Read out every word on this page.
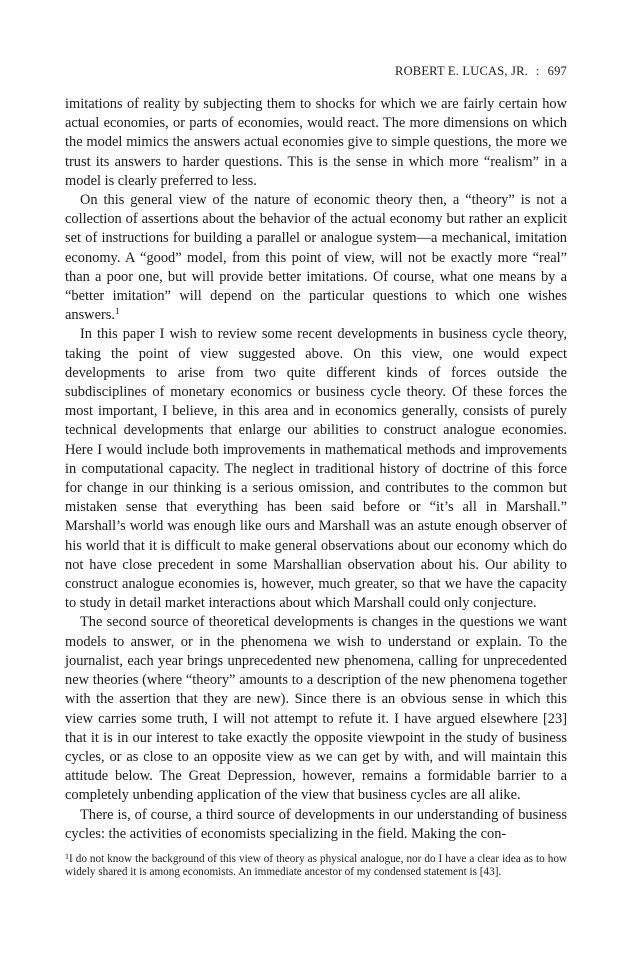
ROBERT E. LUCAS, JR. : 697

imitations of reality by subjecting them to shocks for which we are fairly certain how actual economies, or parts of economies, would react. The more dimensions on which the model mimics the answers actual economies give to simple questions, the more we trust its answers to harder questions. This is the sense in which more “realism” in a model is clearly preferred to less.

On this general view of the nature of economic theory then, a “theory” is not a collection of assertions about the behavior of the actual economy but rather an explicit set of instructions for building a parallel or analogue system—a mechanical, imitation economy. A “good” model, from this point of view, will not be exactly more “real” than a poor one, but will provide better imitations. Of course, what one means by a “better imitation” will depend on the particular questions to which one wishes answers.$^1$

In this paper I wish to review some recent developments in business cycle theory, taking the point of view suggested above. On this view, one would expect developments to arise from two quite different kinds of forces outside the subdisciplines of monetary economics or business cycle theory. Of these forces the most important, I believe, in this area and in economics generally, consists of purely technical developments that enlarge our abilities to construct analogue economies. Here I would include both improvements in mathematical methods and improvements in computational capacity. The neglect in traditional history of doctrine of this force for change in our thinking is a serious omission, and contributes to the common but mistaken sense that everything has been said before or “it’s all in Marshall.” Marshall’s world was enough like ours and Marshall was an astute enough observer of his world that it is difficult to make general observations about our economy which do not have close precedent in some Marshallian observation about his. Our ability to construct analogue economies is, however, much greater, so that we have the capacity to study in detail market interactions about which Marshall could only conjecture.

The second source of theoretical developments is changes in the questions we want models to answer, or in the phenomena we wish to understand or explain. To the journalist, each year brings unprecedented new phenomena, calling for unprecedented new theories (where “theory” amounts to a description of the new phenomena together with the assertion that they are new). Since there is an obvious sense in which this view carries some truth, I will not attempt to refute it. I have argued elsewhere [23] that it is in our interest to take exactly the opposite viewpoint in the study of business cycles, or as close to an opposite view as we can get by with, and will maintain this attitude below. The Great Depression, however, remains a formidable barrier to a completely unbending application of the view that business cycles are all alike.

There is, of course, a third source of developments in our understanding of business cycles: the activities of economists specializing in the field. Making the con-

$^1$I do not know the background of this view of theory as physical analogue, nor do I have a clear idea as to how widely shared it is among economists. An immediate ancestor of my condensed statement is [43].
